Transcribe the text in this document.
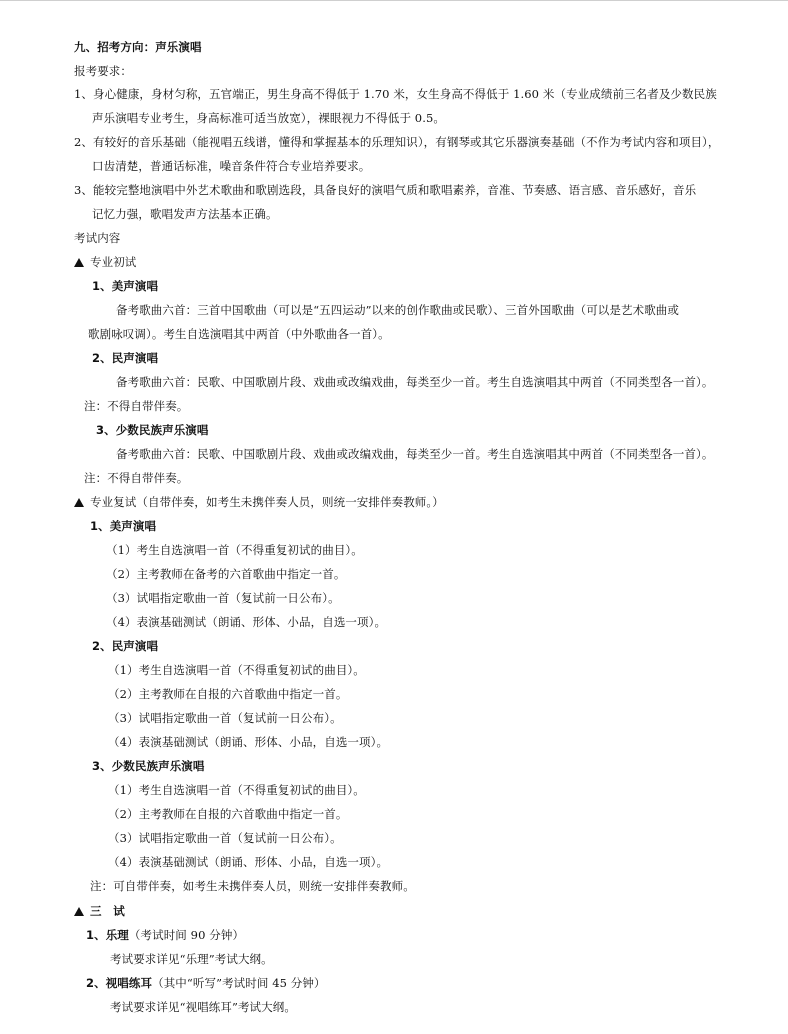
九、招考方向：声乐演唱
报考要求：
1、身心健康，身材匀称，五官端正，男生身高不得低于 1.70 米，女生身高不得低于 1.60 米（专业成绩前三名者及少数民族
声乐演唱专业考生，身高标准可适当放宽），裸眼视力不得低于 0.5。
2、有较好的音乐基础（能视唱五线谱，懂得和掌握基本的乐理知识），有钢琴或其它乐器演奏基础（不作为考试内容和项目），
口齿清楚，普通话标准，噪音条件符合专业培养要求。
3、能较完整地演唱中外艺术歌曲和歌剧选段，具备良好的演唱气质和歌唱素养，音准、节奏感、语言感、音乐感好，音乐
记忆力强，歌唱发声方法基本正确。
考试内容
专业初试
1、美声演唱
备考歌曲六首：三首中国歌曲（可以是“五四运动”以来的创作歌曲或民歌）、三首外国歌曲（可以是艺术歌曲或
歌剧咏叹调）。考生自选演唱其中两首（中外歌曲各一首）。
2、民声演唱
备考歌曲六首：民歌、中国歌剧片段、戏曲或改编戏曲，每类至少一首。考生自选演唱其中两首（不同类型各一首）。
注：不得自带伴奏。
3、少数民族声乐演唱
备考歌曲六首：民歌、中国歌剧片段、戏曲或改编戏曲，每类至少一首。考生自选演唱其中两首（不同类型各一首）。
注：不得自带伴奏。
专业复试（自带伴奏，如考生未携伴奏人员，则统一安排伴奏教师。）
1、美声演唱
（1）考生自选演唱一首（不得重复初试的曲目）。
（2）主考教师在备考的六首歌曲中指定一首。
（3）试唱指定歌曲一首（复试前一日公布）。
（4）表演基础测试（朗诵、形体、小品，自选一项）。
2、民声演唱
（1）考生自选演唱一首（不得重复初试的曲目）。
（2）主考教师在自报的六首歌曲中指定一首。
（3）试唱指定歌曲一首（复试前一日公布）。
（4）表演基础测试（朗诵、形体、小品，自选一项）。
3、少数民族声乐演唱
（1）考生自选演唱一首（不得重复初试的曲目）。
（2）主考教师在自报的六首歌曲中指定一首。
（3）试唱指定歌曲一首（复试前一日公布）。
（4）表演基础测试（朗诵、形体、小品，自选一项）。
注：可自带伴奏，如考生未携伴奏人员，则统一安排伴奏教师。
三　试
1、乐理（考试时间 90 分钟）
考试要求详见“乐理”考试大纲。
2、视唱练耳（其中“听写”考试时间 45 分钟）
考试要求详见“视唱练耳”考试大纲。
